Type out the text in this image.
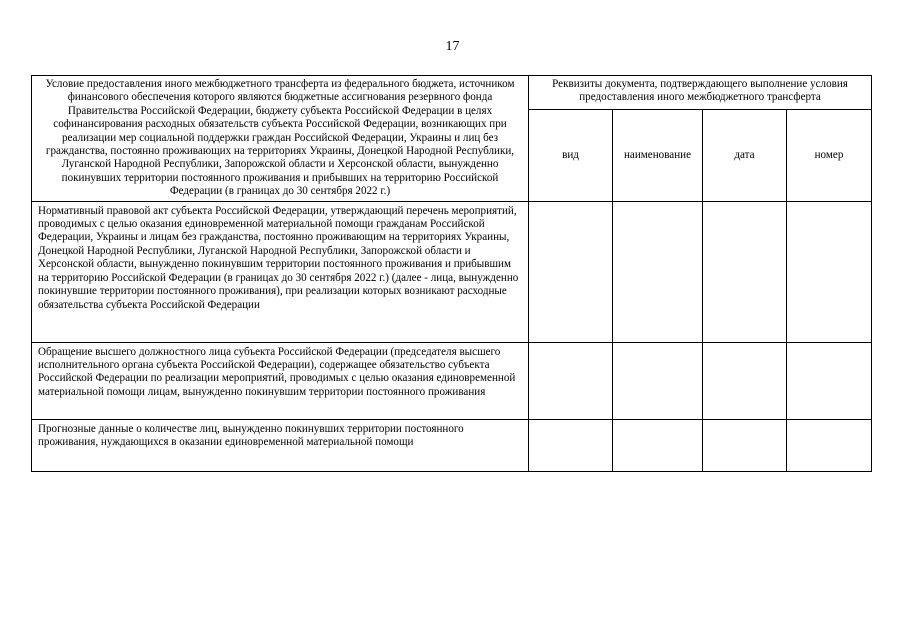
17
Условие предоставления иного межбюджетного трансферта из федерального бюджета, источником финансового обеспечения которого являются бюджетные ассигнования резервного фонда Правительства Российской Федерации, бюджету субъекта Российской Федерации в целях софинансирования расходных обязательств субъекта Российской Федерации, возникающих при реализации мер социальной поддержки граждан Российской Федерации, Украины и лиц без гражданства, постоянно проживающих на территориях Украины, Донецкой Народной Республики, Луганской Народной Республики, Запорожской области и Херсонской области, вынужденно покинувших территории постоянного проживания и прибывших на территорию Российской Федерации (в границах до 30 сентября 2022 г.)	Реквизиты документа, подтверждающего выполнение условия предоставления иного межбюджетного трансферта			
	вид	наименование	дата	номер
Нормативный правовой акт субъекта Российской Федерации, утверждающий перечень мероприятий, проводимых с целью оказания единовременной материальной помощи гражданам Российской Федерации, Украины и лицам без гражданства, постоянно проживающим на территориях Украины, Донецкой Народной Республики, Луганской Народной Республики, Запорожской области и Херсонской области, вынужденно покинувшим территории постоянного проживания и прибывшим на территорию Российской Федерации (в границах до 30 сентября 2022 г.) (далее - лица, вынужденно покинувшие территории постоянного проживания), при реализации которых возникают расходные обязательства субъекта Российской Федерации				
Обращение высшего должностного лица субъекта Российской Федерации (председателя высшего исполнительного органа субъекта Российской Федерации), содержащее обязательство субъекта Российской Федерации по реализации мероприятий, проводимых с целью оказания единовременной материальной помощи лицам, вынужденно покинувшим территории постоянного проживания				
Прогнозные данные о количестве лиц, вынужденно покинувших территории постоянного проживания, нуждающихся в оказании единовременной материальной помощи				
